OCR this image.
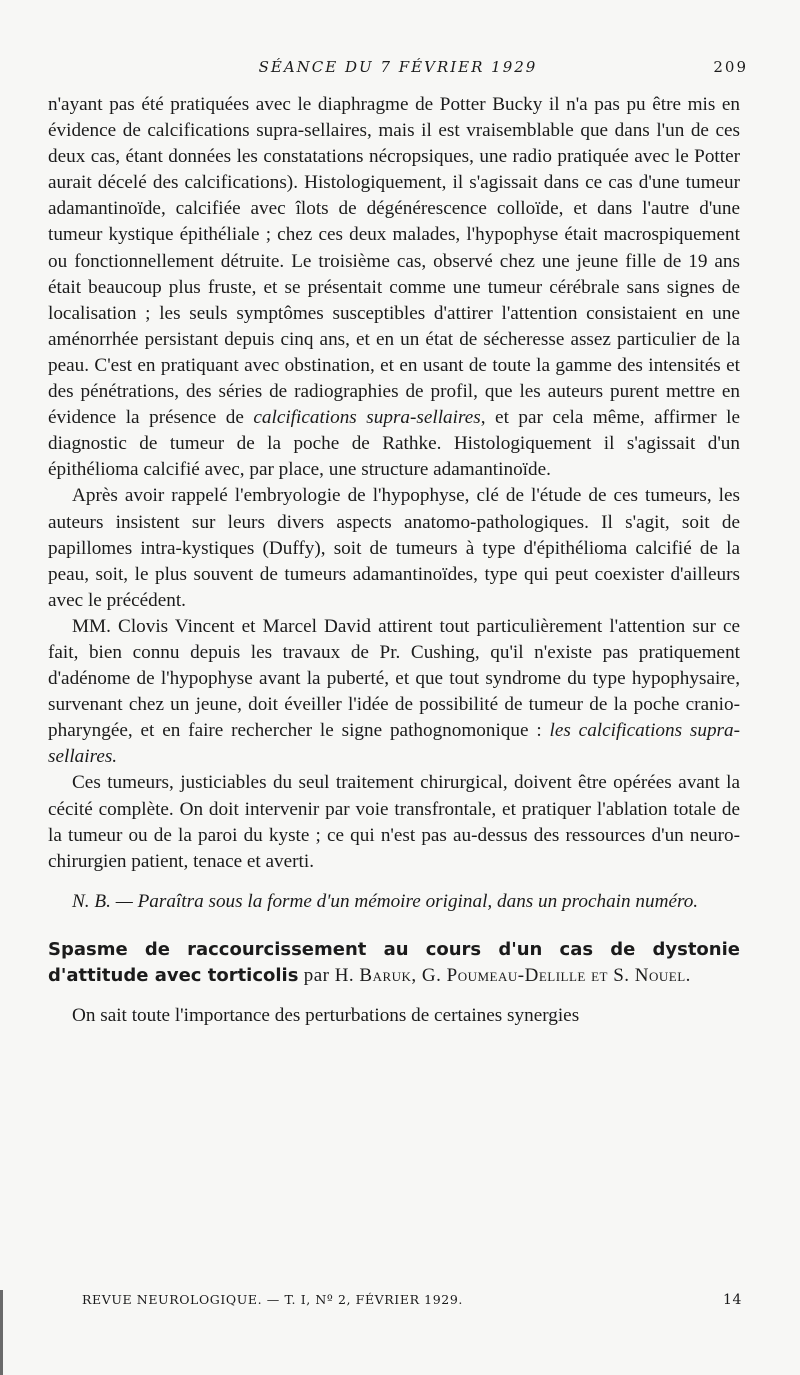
SÉANCE DU 7 FÉVRIER 1929	209

n'ayant pas été pratiquées avec le diaphragme de Potter Bucky il n'a pas pu être mis en évidence de calcifications supra-sellaires, mais il est vraisemblable que dans l'un de ces deux cas, étant données les constatations nécropsiques, une radio pratiquée avec le Potter aurait décelé des calcifications). Histologiquement, il s'agissait dans ce cas d'une tumeur adamantinoïde, calcifiée avec îlots de dégénérescence colloïde, et dans l'autre d'une tumeur kystique épithéliale ; chez ces deux malades, l'hypophyse était macrospiquement ou fonctionnellement détruite. Le troisième cas, observé chez une jeune fille de 19 ans était beaucoup plus fruste, et se présentait comme une tumeur cérébrale sans signes de localisation ; les seuls symptômes susceptibles d'attirer l'attention consistaient en une aménorrhée persistant depuis cinq ans, et en un état de sécheresse assez particulier de la peau. C'est en pratiquant avec obstination, et en usant de toute la gamme des intensités et des pénétrations, des séries de radiographies de profil, que les auteurs purent mettre en évidence la présence de calcifications supra-sellaires, et par cela même, affirmer le diagnostic de tumeur de la poche de Rathke. Histologiquement il s'agissait d'un épithélioma calcifié avec, par place, une structure adamantinoïde.

Après avoir rappelé l'embryologie de l'hypophyse, clé de l'étude de ces tumeurs, les auteurs insistent sur leurs divers aspects anatomo-pathologiques. Il s'agit, soit de papillomes intra-kystiques (Duffy), soit de tumeurs à type d'épithélioma calcifié de la peau, soit, le plus souvent de tumeurs adamantinoïdes, type qui peut coexister d'ailleurs avec le précédent.

MM. Clovis Vincent et Marcel David attirent tout particulièrement l'attention sur ce fait, bien connu depuis les travaux de Pr. Cushing, qu'il n'existe pas pratiquement d'adénome de l'hypophyse avant la puberté, et que tout syndrome du type hypophysaire, survenant chez un jeune, doit éveiller l'idée de possibilité de tumeur de la poche cranio-pharyngée, et en faire rechercher le signe pathognomonique : les calcifications supra-sellaires.

Ces tumeurs, justiciables du seul traitement chirurgical, doivent être opérées avant la cécité complète. On doit intervenir par voie transfrontale, et pratiquer l'ablation totale de la tumeur ou de la paroi du kyste ; ce qui n'est pas au-dessus des ressources d'un neuro-chirurgien patient, tenace et averti.

N. B. — Paraîtra sous la forme d'un mémoire original, dans un prochain numéro.

Spasme de raccourcissement au cours d'un cas de dystonie d'attitude avec torticolis par H. Baruk, G. Poumeau-Delille et S. Nouel.

On sait toute l'importance des perturbations de certaines synergies

REVUE NEUROLOGIQUE. — T. I, Nº 2, FÉVRIER 1929.	14
